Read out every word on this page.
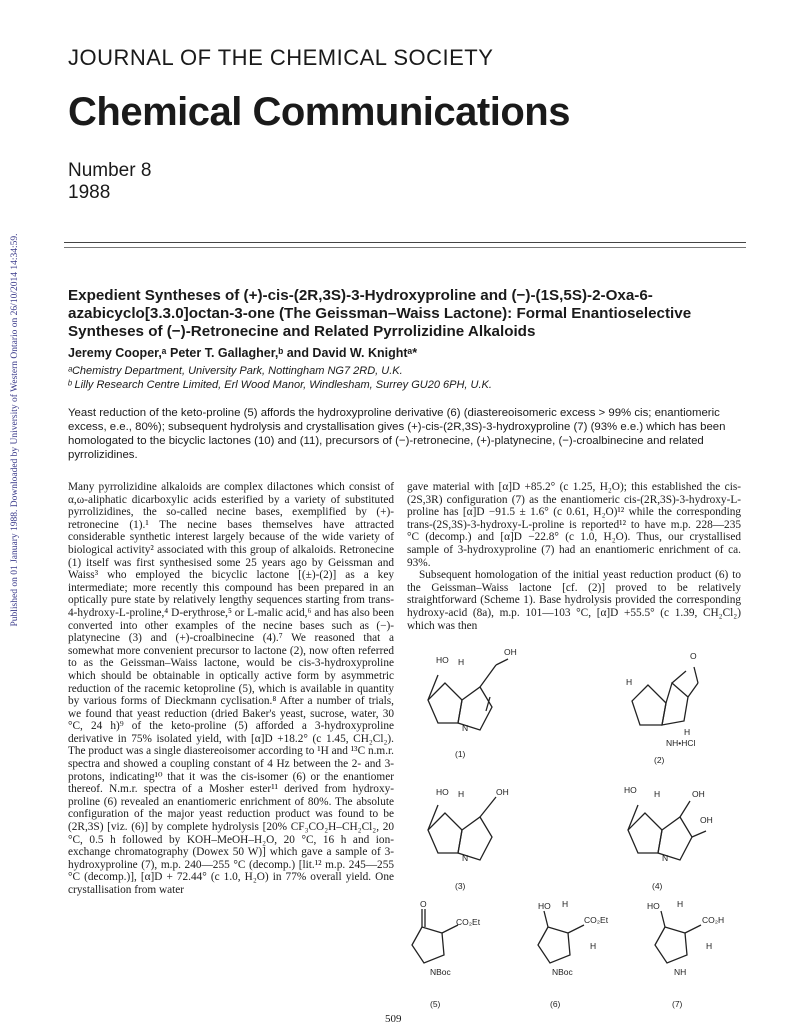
Published on 01 January 1988. Downloaded by University of Western Ontario on 26/10/2014 14:34:59.
JOURNAL OF THE CHEMICAL SOCIETY
Chemical Communications
Number 8
1988
Expedient Syntheses of (+)-cis-(2R,3S)-3-Hydroxyproline and (−)-(1S,5S)-2-Oxa-6-azabicyclo[3.3.0]octan-3-one (The Geissman–Waiss Lactone): Formal Enantioselective Syntheses of (−)-Retronecine and Related Pyrrolizidine Alkaloids
Jeremy Cooper,ᵃ Peter T. Gallagher,ᵇ and David W. Knightᵃ*
ᵃChemistry Department, University Park, Nottingham NG7 2RD, U.K.
ᵇ Lilly Research Centre Limited, Erl Wood Manor, Windlesham, Surrey GU20 6PH, U.K.
Yeast reduction of the keto-proline (5) affords the hydroxyproline derivative (6) (diastereoisomeric excess > 99% cis; enantiomeric excess, e.e., 80%); subsequent hydrolysis and crystallisation gives (+)-cis-(2R,3S)-3-hydroxyproline (7) (93% e.e.) which has been homologated to the bicyclic lactones (10) and (11), precursors of (−)-retronecine, (+)-platynecine, (−)-croalbinecine and related pyrrolizidines.
Many pyrrolizidine alkaloids are complex dilactones which consist of α,ω-aliphatic dicarboxylic acids esterified by a variety of substituted pyrrolizidines, the so-called necine bases, exemplified by (+)-retronecine (1).¹ The necine bases themselves have attracted considerable synthetic interest largely because of the wide variety of biological activity² associated with this group of alkaloids. Retronecine (1) itself was first synthesised some 25 years ago by Geissman and Waiss³ who employed the bicyclic lactone [(±)-(2)] as a key intermediate; more recently this compound has been prepared in an optically pure state by relatively lengthy sequences starting from trans-4-hydroxy-L-proline,⁴ D-erythrose,⁵ or L-malic acid,⁶ and has also been converted into other examples of the necine bases such as (−)-platynecine (3) and (+)-croalbinecine (4).⁷ We reasoned that a somewhat more convenient precursor to lactone (2), now often referred to as the Geissman–Waiss lactone, would be cis-3-hydroxyproline which should be obtainable in optically active form by asymmetric reduction of the racemic ketoproline (5), which is available in quantity by various forms of Dieckmann cyclisation.⁸ After a number of trials, we found that yeast reduction (dried Baker's yeast, sucrose, water, 30 °C, 24 h)⁹ of the keto-proline (5) afforded a 3-hydroxyproline derivative in 75% isolated yield, with [α]D +18.2° (c 1.45, CH₂Cl₂). The product was a single diastereoisomer according to ¹H and ¹³C n.m.r. spectra and showed a coupling constant of 4 Hz between the 2- and 3-protons, indicating¹⁰ that it was the cis-isomer (6) or the enantiomer thereof. N.m.r. spectra of a Mosher ester¹¹ derived from hydroxy-proline (6) revealed an enantiomeric enrichment of 80%. The absolute configuration of the major yeast reduction product was found to be (2R,3S) [viz. (6)] by complete hydrolysis [20% CF₃CO₂H–CH₂Cl₂, 20 °C, 0.5 h followed by KOH–MeOH–H₂O, 20 °C, 16 h and ion-exchange chromatography (Dowex 50 W)] which gave a sample of 3-hydroxyproline (7), m.p. 240—255 °C (decomp.) [lit.¹² m.p. 245—255 °C (decomp.)], [α]D + 72.44° (c 1.0, H₂O) in 77% overall yield. One crystallisation from water
gave material with [α]D +85.2° (c 1.25, H₂O); this established the cis-(2S,3R) configuration (7) as the enantiomeric cis-(2R,3S)-3-hydroxy-L-proline has [α]D −91.5 ± 1.6° (c 0.61, H₂O)¹² while the corresponding trans-(2S,3S)-3-hydroxy-L-proline is reported¹² to have m.p. 228—235 °C (decomp.) and [α]D −22.8° (c 1.0, H₂O). Thus, our crystallised sample of 3-hydroxyproline (7) had an enantiomeric enrichment of ca. 93%.
Subsequent homologation of the initial yeast reduction product (6) to the Geissman–Waiss lactone [cf. (2)] proved to be relatively straightforward (Scheme 1). Base hydrolysis provided the corresponding hydroxy-acid (8a), m.p. 101—103 °C, [α]D +55.5° (c 1.39, CH₂Cl₂) which was then
HO H
OH
N
(1)
H
O
H
NH•HCl
(2)
HO H	OH
N
(3)
HO H	OH
OH
N
(4)
O
CO₂Et
NBoc
(5)
HO H
CO₂Et
H
NBoc
(6)
HO H
CO₂H
H
NH
(7)
509
